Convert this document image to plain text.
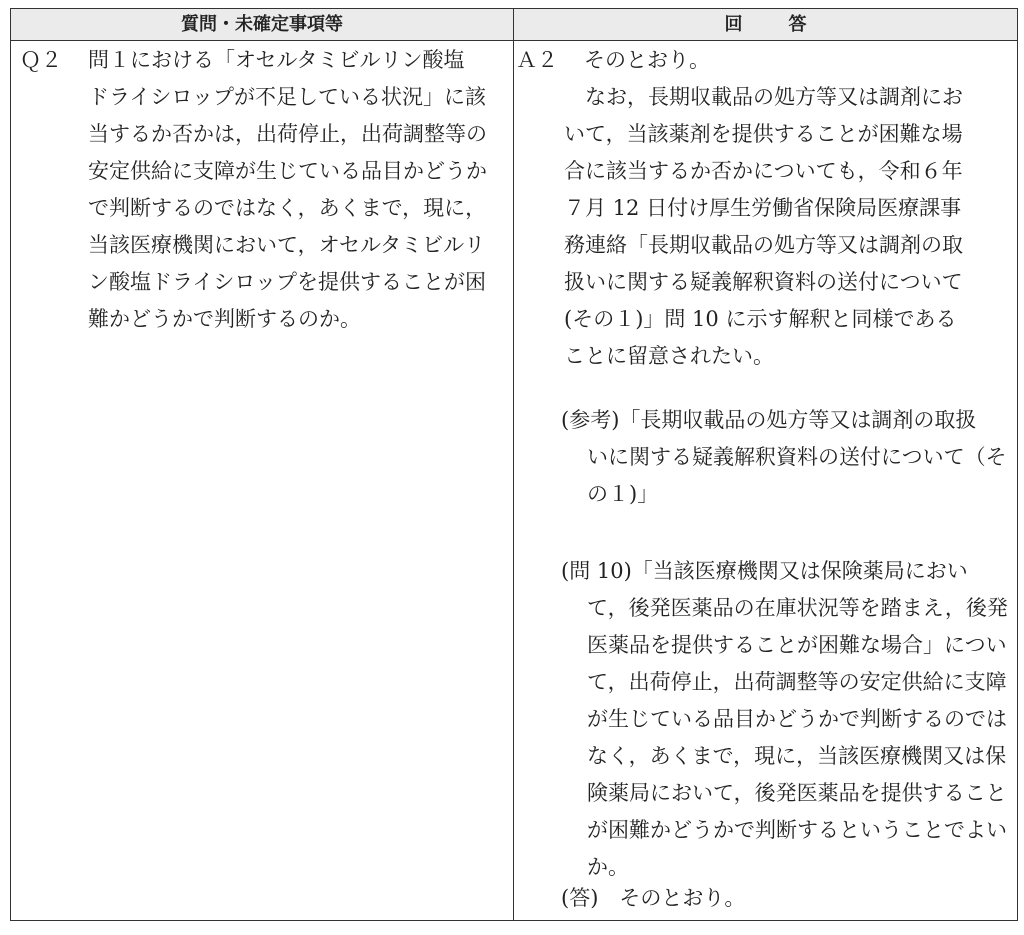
質問・未確定事項等	回答
Ｑ２ 問１における「オセルタミビルリン酸塩
ドライシロップが不足している状況」に該
当するか否かは，出荷停止，出荷調整等の
安定供給に支障が生じている品目かどうか
で判断するのではなく，あくまで，現に，
当該医療機関において，オセルタミビルリ
ン酸塩ドライシロップを提供することが困
難かどうかで判断するのか。
Ａ２ そのとおり。
　なお，長期収載品の処方等又は調剤にお
いて，当該薬剤を提供することが困難な場
合に該当するか否かについても，令和６年
７月 12 日付け厚生労働省保険局医療課事
務連絡「長期収載品の処方等又は調剤の取
扱いに関する疑義解釈資料の送付について
(その１)」問 10 に示す解釈と同様である
ことに留意されたい。
(参考)「長期収載品の処方等又は調剤の取扱
いに関する疑義解釈資料の送付について（そ
の１)」
(問 10)「当該医療機関又は保険薬局におい
て，後発医薬品の在庫状況等を踏まえ，後発
医薬品を提供することが困難な場合」につい
て，出荷停止，出荷調整等の安定供給に支障
が生じている品目かどうかで判断するのでは
なく，あくまで，現に，当該医療機関又は保
険薬局において，後発医薬品を提供すること
が困難かどうかで判断するということでよい
か。
(答)　そのとおり。
